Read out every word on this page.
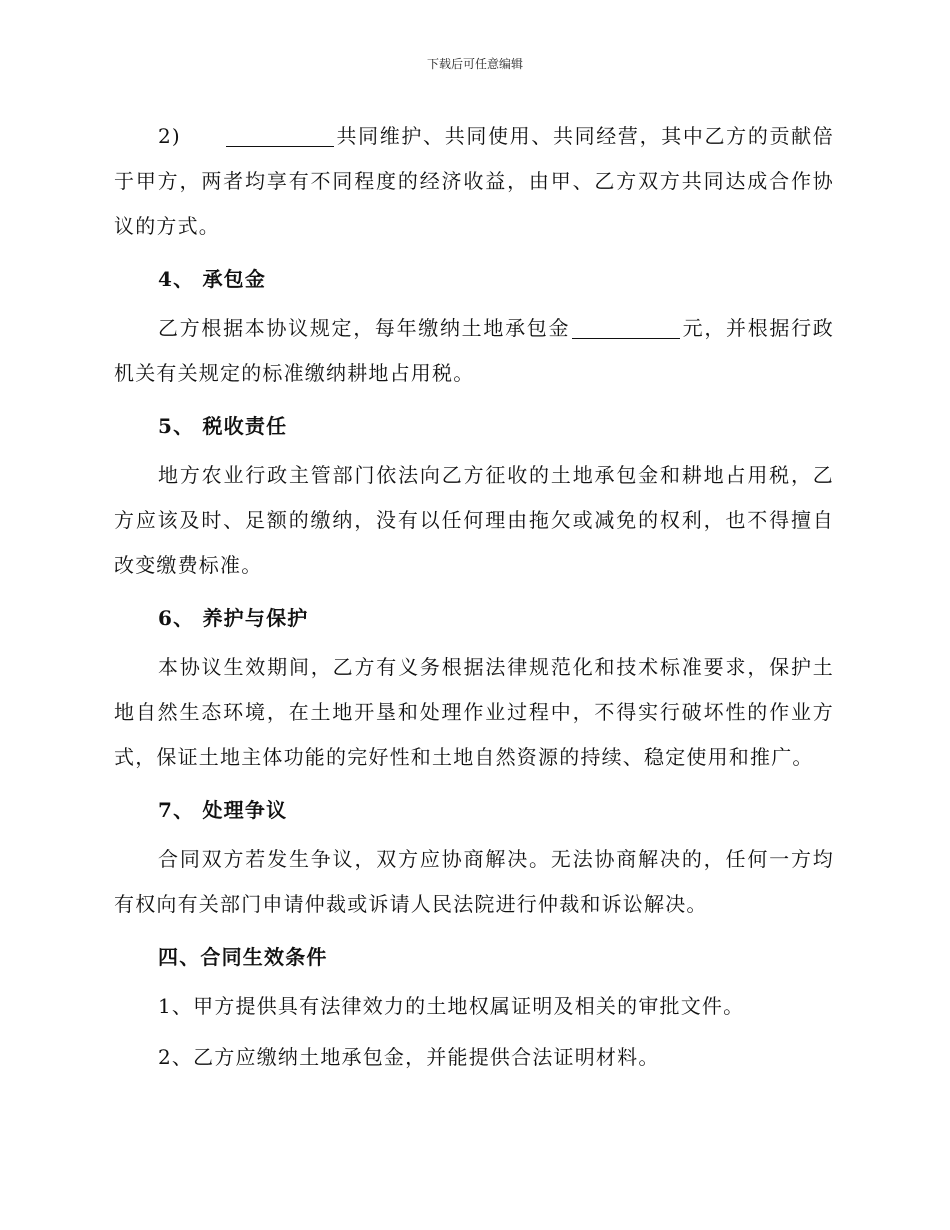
下载后可任意编辑

2)	共同维护、共同使用、共同经营，其中乙方的贡献倍于甲方，两者均享有不同程度的经济收益，由甲、乙方双方共同达成合作协议的方式。

4、 承包金

乙方根据本协议规定，每年缴纳土地承包金	元，并根据行政机关有关规定的标准缴纳耕地占用税。

5、 税收责任

地方农业行政主管部门依法向乙方征收的土地承包金和耕地占用税，乙方应该及时、足额的缴纳，没有以任何理由拖欠或减免的权利，也不得擅自改变缴费标准。

6、 养护与保护

本协议生效期间，乙方有义务根据法律规范化和技术标准要求，保护土地自然生态环境，在土地开垦和处理作业过程中，不得实行破坏性的作业方式，保证土地主体功能的完好性和土地自然资源的持续、稳定使用和推广。

7、 处理争议

合同双方若发生争议，双方应协商解决。无法协商解决的，任何一方均有权向有关部门申请仲裁或诉请人民法院进行仲裁和诉讼解决。

四、合同生效条件

1、甲方提供具有法律效力的土地权属证明及相关的审批文件。

2、乙方应缴纳土地承包金，并能提供合法证明材料。
